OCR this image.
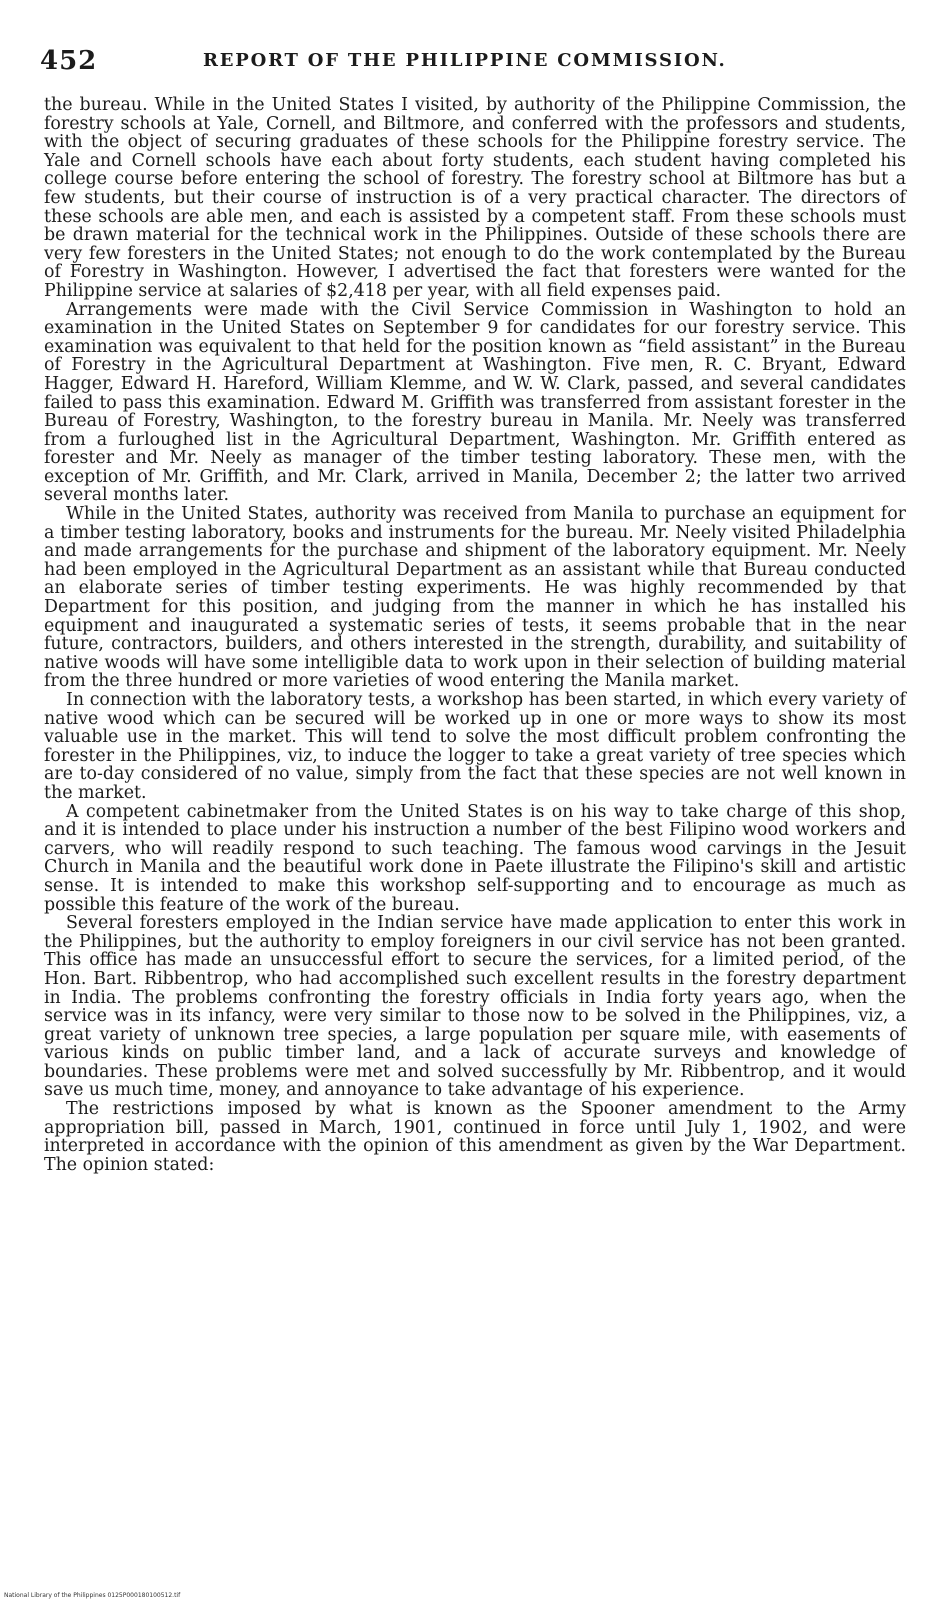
452	REPORT OF THE PHILIPPINE COMMISSION.

the bureau. While in the United States I visited, by authority of the Philippine Commission, the forestry schools at Yale, Cornell, and Biltmore, and conferred with the professors and students, with the object of securing graduates of these schools for the Philippine forestry service. The Yale and Cornell schools have each about forty students, each student having completed his college course before entering the school of forestry. The forestry school at Biltmore has but a few students, but their course of instruction is of a very practical character. The directors of these schools are able men, and each is assisted by a competent staff. From these schools must be drawn material for the technical work in the Philippines. Outside of these schools there are very few foresters in the United States; not enough to do the work contemplated by the Bureau of Forestry in Washington. However, I advertised the fact that foresters were wanted for the Philippine service at salaries of $2,418 per year, with all field expenses paid.

Arrangements were made with the Civil Service Commission in Washington to hold an examination in the United States on September 9 for candidates for our forestry service. This examination was equivalent to that held for the position known as “field assistant” in the Bureau of Forestry in the Agricultural Department at Washington. Five men, R. C. Bryant, Edward Hagger, Edward H. Hareford, William Klemme, and W. W. Clark, passed, and several candidates failed to pass this examination. Edward M. Griffith was transferred from assistant forester in the Bureau of Forestry, Washington, to the forestry bureau in Manila. Mr. Neely was transferred from a furloughed list in the Agricultural Department, Washington. Mr. Griffith entered as forester and Mr. Neely as manager of the timber testing laboratory. These men, with the exception of Mr. Griffith, and Mr. Clark, arrived in Manila, December 2; the latter two arrived several months later.

While in the United States, authority was received from Manila to purchase an equipment for a timber testing laboratory, books and instruments for the bureau. Mr. Neely visited Philadelphia and made arrangements for the purchase and shipment of the laboratory equipment. Mr. Neely had been employed in the Agricultural Department as an assistant while that Bureau conducted an elaborate series of timber testing experiments. He was highly recommended by that Department for this position, and judging from the manner in which he has installed his equipment and inaugurated a systematic series of tests, it seems probable that in the near future, contractors, builders, and others interested in the strength, durability, and suitability of native woods will have some intelligible data to work upon in their selection of building material from the three hundred or more varieties of wood entering the Manila market.

In connection with the laboratory tests, a workshop has been started, in which every variety of native wood which can be secured will be worked up in one or more ways to show its most valuable use in the market. This will tend to solve the most difficult problem confronting the forester in the Philippines, viz, to induce the logger to take a great variety of tree species which are to-day considered of no value, simply from the fact that these species are not well known in the market.

A competent cabinetmaker from the United States is on his way to take charge of this shop, and it is intended to place under his instruction a number of the best Filipino wood workers and carvers, who will readily respond to such teaching. The famous wood carvings in the Jesuit Church in Manila and the beautiful work done in Paete illustrate the Filipino's skill and artistic sense. It is intended to make this workshop self-supporting and to encourage as much as possible this feature of the work of the bureau.

Several foresters employed in the Indian service have made application to enter this work in the Philippines, but the authority to employ foreigners in our civil service has not been granted. This office has made an unsuccessful effort to secure the services, for a limited period, of the Hon. Bart. Ribbentrop, who had accomplished such excellent results in the forestry department in India. The problems confronting the forestry officials in India forty years ago, when the service was in its infancy, were very similar to those now to be solved in the Philippines, viz, a great variety of unknown tree species, a large population per square mile, with easements of various kinds on public timber land, and a lack of accurate surveys and knowledge of boundaries. These problems were met and solved successfully by Mr. Ribbentrop, and it would save us much time, money, and annoyance to take advantage of his experience.

The restrictions imposed by what is known as the Spooner amendment to the Army appropriation bill, passed in March, 1901, continued in force until July 1, 1902, and were interpreted in accordance with the opinion of this amendment as given by the War Department. The opinion stated:

National Library of the Philippines 0125P000180100512.tif
